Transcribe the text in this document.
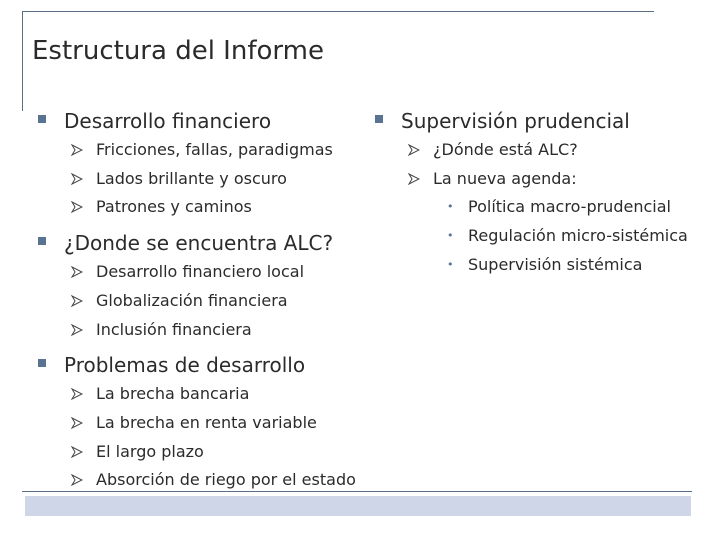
Estructura del Informe
Desarrollo financiero
Fricciones, fallas, paradigmas
Lados brillante y oscuro
Patrones y caminos
¿Donde se encuentra ALC?
Desarrollo financiero local
Globalización financiera
Inclusión financiera
Problemas de desarrollo
La brecha bancaria
La brecha en renta variable
El largo plazo
Absorción de riego por el estado
Supervisión prudencial
¿Dónde está ALC?
La nueva agenda:
• Política macro-prudencial
• Regulación micro-sistémica
• Supervisión sistémica
